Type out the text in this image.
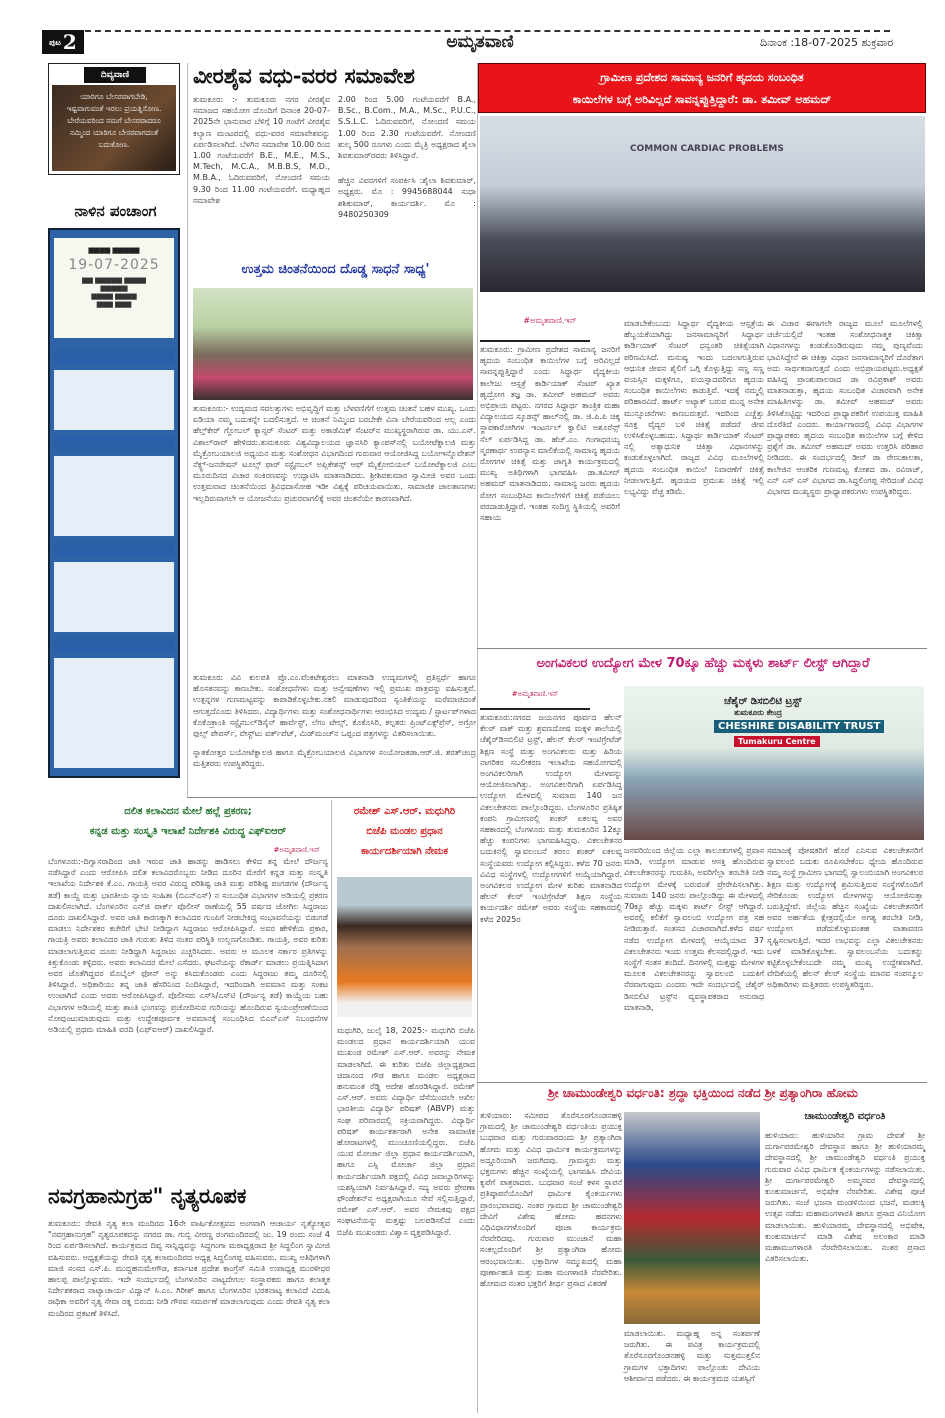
ಪುಟ 2	ಅಮೃತವಾಣಿ	ದಿನಾಂಕ :18-07-2025 ಶುಕ್ರವಾರ
ದಿವ್ಯವಾಣಿ
ಯಾರಿಗೂ ಬೇಸರವಾಗಬೇಡಿ,
ಇಷ್ಟವಾಗುವಂತೆ ಇರಲು ಪ್ರಯತ್ನಿಸೋಣ.
ಬೇರೆಯವರಿಂದ ನಮಗೆ ಬೇಸರವಾದರೂ
ನಮ್ಮಿಂದ ಯಾರಿಗೂ ಬೇಸರವಾಗದಂತೆ
ಬದುಕೋಣ.
ನಾಳಿನ ಪಂಚಾಂಗ
▆▆▆▆ ▆▆▆▆▆
19-07-2025
▆▆ ▆▆▆▆▆ ▆▆▆▆
▆▆▆▆▆
▆▆▆▆ ▆▆▆▆
▆▆▆ ▆▆▆
ವೀರಶೈವ ವಧು-ವರರ ಸಮಾವೇಶ
ತುಮಕೂರು :- ತುಮಕೂರು ನಗರ ವೀರಶೈವ ಸಮಾಜದ ಸಹಯೋಗ ದೊಂದಿಗೆ ದಿನಾಂಕ 20-07-2025ನೇ ಭಾನುವಾರ ಬೆಳಿಗ್ಗೆ 10 ಗಂಟೆಗೆ ವೀರಶೈವ ಕಲ್ಯಾಣ ಮಂಟಪದಲ್ಲಿ ವಧು-ವರರ ಸಮಾವೇಶವನ್ನು ಏರ್ಪಡಿಸಲಾಗಿದೆ. ಬೆಳಗಿನ ಸಮಾವೇಶ 10.00 ರಿಂದ 1.00 ಗಂಟೆಯವರೆಗೆ B.E., M.E., M.S., M.Tech, M.C.A., M.B.B.S, M.D., M.B.A., ಓದಿರುವವರಿಗೆ, ನೋಂದಣಿ ಸಮಯ 9.30 ರಿಂದ 11.00 ಗಂಟೆಯವರೆಗೆ. ಮಧ್ಯಾಹ್ನದ ಸಮಾವೇಶ
2.00 ರಿಂದ 5.00 ಗಂಟೆಯವರೆಗೆ B.A., B.Sc., B.Com., M.A., M.Sc., P.U.C., S.S.L.C. ಓದಿರುವವರಿಗೆ, ನೋಂದಣಿ ಸಮಯ 1.00 ರಿಂದ 2.30 ಗಂಟೆಯವರೆಗೆ. ನೋಂದಣಿ ಶುಲ್ಕ 500 ರೂಗಳು ಎಂದು ಮೈತ್ರಿ ಅಧ್ಯಕ್ಷರಾದ ಶೈಲಾ ಶಿವಕುಮಾರ್‌ರವರು ತಿಳಿಸಿದ್ದಾರೆ.
ಹೆಚ್ಚಿನ ವಿವರಗಳಿಗೆ ಸಂಪರ್ಕಿಸಿ :ಶೈಲಾ ಶಿವಕುಮಾರ್, ಅಧ್ಯಕ್ಷರು. ಮೊ : 9945688044 ಸುಧಾ ಶಶಿಕುಮಾರ್, ಕಾರ್ಯದರ್ಶಿ. ಮೊ : 9480250309
ಉತ್ತಮ ಚಿಂತನೆಯಿಂದ ದೊಡ್ಡ ಸಾಧನೆ ಸಾಧ್ಯ'
ತುಮಕೂರು:- ಉದ್ಯಮದ ಸವಲತ್ತುಗಳು ಅಭಿವೃದ್ಧಿಗೆ ಮತ್ತು ಬೆಳವಣಿಗೆಗೆ ಉತ್ತಮ ಚಿಂತನೆ ಬಹಳ ಮುಖ್ಯ. ಒಂದು ಐಡಿಯಾ ನಮ್ಮ ಬದುಕನ್ನೇ ಬದಲಿಸುತ್ತದೆ. ಆ ಚಿಂತನೆ ನಿಮ್ಮಿಂದ ಬರಬೇಕೇ ವಿನಾ ಬೇರೆಯವರಿಂದ ಅಲ್ಲ ಎಂದು ಹೆಲ್ತ್‌ಕೇರ್ ಗ್ಲೋಬಲ್ ಕ್ಯಾನ್ಸರ್ ಸೆಂಟರ್ ಮತ್ತು ಅಕಾಡೆಮಿಕ್ ಸೆಂಟರ್‌ನ ಮುಖ್ಯಸ್ಥರಾಗಿರುವ ಡಾ. ಯು.ಎಸ್. ವಿಶಾಲ್‌ರಾವ್ ಹೇಳಿದರು.ತುಮಕೂರು ವಿಶ್ವವಿದ್ಯಾಲಯದ ಜ್ಞಾನಸಿರಿ ಕ್ಯಾಂಪಸ್‌ನಲ್ಲಿ ಬಯೋಟೆಕ್ನಾಲಜಿ ಮತ್ತು ಮೈಕ್ರೋಬಯಾಲಜಿ ಅಧ್ಯಯನ ಮತ್ತು ಸಂಶೋಧನ ವಿಭಾಗದಿಂದ ಗುರುವಾರ ಆಯೋಜಿಸಿದ್ದ ಬಯೋಇನ್ನೊವೇಶನ್ ನೆಕ್ಸ್ಟ್-ಜನರೇಷನ್ ಟೂಲ್ಸ್ ಫಾರ್ ಸಸ್ಟೈನಬಲ್ ಅಪ್ಲಿಕೇಶನ್ಸ್ ಆಫ್ ಮೈಕ್ರೋಬಿಯಲ್ ಬಯೋಟೆಕ್ನಾಲಜಿ ಎಂಬ ಮೂರುದಿನದ ವಿಚಾರ ಸಂಕಿರಣವನ್ನು ಉದ್ಘಾಟಿಸಿ ಮಾತನಾಡಿದರು. ಶ್ರೀಶಿವಕುಮಾರ ಸ್ವಾಮೀಜಿ ಅವರ ಒಂದು ಉತ್ತಮವಾದ ಚಿಂತನೆಯಿಂದ ತ್ರಿವಿಧದಾಸೋಹ ಇಡೀ ವಿಶ್ವಕ್ಕೆ ಪರಿಚಯವಾಯಿತು. ಸಾಮಾಜಿಕ ಜಾಲತಾಣಗಳು ಇಲ್ಲದಿರುವಾಗಲೇ ಆ ಯೋಜನೆಯು ಪ್ರಚುರವಾಗಲಿಕ್ಕೆ ಅವರ ಚಿಂತನೆಯೇ ಕಾರಣವಾಗಿದೆ.
ತುಮಕೂರು ವಿವಿ ಕುಲಪತಿ ಪ್ರೊ.ಎಂ.ವೆಂಕಟೇಶ್ವರಲು ಮಾತನಾಡಿ ಉದ್ಯಮಗಳಲ್ಲಿ ಪ್ರತಿಸ್ಪರ್ಧೆ ಹಾಗೂ ಹೊಸತನವನ್ನು ಕಾಣಬೇಕು. ಸಂಶೋಧನೆಗಳು ಮತ್ತು ಅನ್ವೇಷಣೆಗಳು ಇಲ್ಲಿ ಪ್ರಮುಖ ಪಾತ್ರವನ್ನು ವಹಿಸುತ್ತವೆ. ಉತ್ಪನ್ನಗಳ ಗುಣಮಟ್ಟವನ್ನು ಕಾಪಾಡಿಕೊಳ್ಳಬೇಕು.ನಕಲಿ ಮಾಡುವುದರಿಂದ ಸ್ವಂತಿಕೆಯನ್ನು ಮರೆಮಾಚಿದಂತೆ ಆಗುತ್ತದೆಎಂದು ತಿಳಿಸಿದರು. ವಿದ್ಯಾರ್ಥಿಗಳು ಮತ್ತು ಸಂಶೋಧನಾರ್ಥಿಗಳು ಆರಂಭಿಸಿದ ಉದ್ಯಮ / ಸ್ಟಾರ್ಟಪ್‌ಗಳಾದ ಕೊಕೊಕ್ರಾಂತಿ ಸಸ್ಟೈನಬಲ್‌ಡಿಸೈನ್ ಹಾರ್ವೆಸ್ಟ್, ಲೆಗಂ ಟೇಲ್ಸ್, ಕೊಕೊಸಿರಿ, ಕಲ್ಪತರು ಪ್ರಿಂಟ್‌ಎಕ್ಸ್‌ಪ್ರೆಸ್, ಅಗ್ರೋ ಫುಲ್ಸ್ ಪೇಪರ್ಸ್, ವೇಸ್ಟ್‌ಟು ವರ್ತ್‌ಪೆಟ್, ಮಿಡ್‌ಮಂಚ್‌ನ ಒಪ್ಪಂದ ಪತ್ರಗಳನ್ನು ವಿತರಿಸಲಾಯಿತು.
ಸ್ನಾತಕೋತ್ತರ ಬಯೋಟೆಕ್ನಾಲಜಿ ಹಾಗೂ ಮೈಕ್ರೋಬಯಾಲಜಿ ವಿಭಾಗಗಳ ಸಂಯೋಜಕಡಾ.ಆರ್.ಜಿ. ಶರತ್‌ಚಂದ್ರ ಮತ್ತಿತರರು ಉಪಸ್ಥಿತರಿದ್ದರು.
ಗ್ರಾಮೀಣ ಪ್ರದೇಶದ ಸಾಮಾನ್ಯ ಜನರಿಗೆ ಹೃದಯ ಸಂಬಂಧಿತ
ಕಾಯಿಲೆಗಳ ಬಗ್ಗೆ ಅರಿವಿಲ್ಲದೆ ಸಾವನ್ನಪ್ಪುತ್ತಿದ್ದಾರೆ: ಡಾ. ತಮೀವ್ ಅಹಮದ್
COMMON CARDIAC PROBLEMS
#ಅಮೃತವಾಣಿ.ಇನ್
ತುಮಕೂರು: ಗ್ರಾಮೀಣ ಪ್ರದೇಶದ ಸಾಮಾನ್ಯ ಜನರಿಗೆ ಹೃದಯ ಸಂಬಂಧಿತ ಕಾಯಿಲೆಗಳ ಬಗ್ಗೆ ಅರಿವಿಲ್ಲದೆ ಸಾವನ್ನಪ್ಪುತ್ತಿದ್ದಾರೆ ಎಂದು ಸಿದ್ಧಾರ್ಥ ವೈದ್ಯಕೀಯ ಕಾಲೇಜು ಆಸ್ಪತ್ರೆ ಕಾರ್ಡಿಯಾಕ್ ಸೆಂಟರ್ ಖ್ಯಾತ ಹೃದ್ರೋಗ ತಜ್ಞ ಡಾ. ತಮೀವ್ ಅಹಮದ್ ಅವರು ಅಭಿಪ್ರಾಯ ಪಟ್ಟರು. ನಗರದ ಸಿದ್ಧಾರ್ಥ ತಾಂತ್ರಿಕ ಮಹಾ ವಿದ್ಯಾಲಯದ ಸ್ಕೂಡನ್ಸ್ ಹಾಲ್‌ನಲ್ಲಿ ಡಾ. ಜಿ.ಪಿ.ಪಿ ಚಿಕ್ಕ ಸ್ಥಾಪಕಾರೋಗಿಗಳ ಇಂಟರ್ನಲ್ ಕ್ವಾಲಿಟಿ ಅಶೂರೆನ್ಸ್ ಸೆಲ್ ಏರ್ಪಡಿಸಿದ್ದ ಡಾ. ಹೆಚ್.ಎಂ. ಗಂಗಾಧರಯ್ಯ ಸ್ಮರಣಾರ್ಥ ಉಪನ್ಯಾಸ ಮಾಲಿಕೆಯಲ್ಲಿ ಸಾಮಾನ್ಯ ಹೃದಯ ರೋಗಗಳ ಚಿಕಿತ್ಸೆ ಮತ್ತು ಜಾಗೃತಿ ಕಾರ್ಯಕ್ರಮದಲ್ಲಿ ಮುಖ್ಯ ಅತಿಥಿಗಳಾಗಿ ಭಾಗವಹಿಸಿ ಡಾ.ತಮೀವ್ ಅಹಮದ್ ಮಾತನಾಡಿದರು. ಸಾಮಾನ್ಯ ಜನರು ಹೃದಯ ರೋಗ ಸಂಬಂಧಿಸಿದ ಕಾಯಿಲೆಗಳಿಗೆ ಚಿಕಿತ್ಸೆ ಪಡೆಯಲು ಪರದಾಡುತ್ತಿದ್ದಾರೆ. ಇಂತಹ ಸಂದಿಗ್ಧ ಸ್ಥಿತಿಯಲ್ಲಿ ಅವರಿಗೆ ಸಹಾಯ
ಮಾಡಬೇಕೆಂಬುದು ಸಿದ್ಧಾರ್ಥ ವೈದ್ಯಕೀಯ ಆಸ್ಪತ್ರೆಯ ಹೆಬ್ಬಯಕೆಯಾಗಿದ್ದು ಜನಸಾಮಾನ್ಯರಿಗೆ ಸಿದ್ಧಾರ್ಥ ಕಾರ್ಡಿಯಾಕ್ ಸೆಂಟರ್ ಧನ್ವಂತರಿ ಚಿಕಿತ್ಸೆಯಾಗಿ ಪರಿಣಮಿಸಿದೆ. ಮನುಷ್ಯ ಇಂದು ಬದಲಾಗುತ್ತಿರುವ ಆಧುನಿಕ ಜೀವನ ಶೈಲಿಗೆ ಒಗ್ಗಿ ಕೊಳ್ಳುತ್ತಿದ್ದು ಸಣ್ಣ ಸಣ್ಣ ವಯಸ್ಸಿನ ಮಕ್ಕಳಿಗೂ, ವಯಸ್ಸಾದವರಿಗೂ ಹೃದಯ ಸಂಬಂಧಿತ ಕಾಯಿಲೆಗಳು ಕಾಡುತ್ತಿವೆ. ಇದಕ್ಕೆ ನಮ್ಮಲ್ಲಿ ಪರಿಹಾರವಿದೆ. ಹಾರ್ಟ್ ಅಟ್ಯಾಕ್ ಬರುವ ಮುನ್ನ ಅನೇಕ ಮುನ್ಸೂಚನೆಗಳು ಕಾಣಬರುತ್ತವೆ. ಇದರಿಂದ ಎಚ್ಚೆತ್ತು ಸೂಕ್ತ ವೈದ್ಯರ ಬಳಿ ಚಿಕಿತ್ಸೆ ಪಡೆದರೆ ಜೀವ ಉಳಿಸಿಕೊಳ್ಳಬಹುದು. ಸಿದ್ಧಾರ್ಥ ಕಾರ್ಡಿಯಾಕ್ ಸೆಂಟರ್ ನಲ್ಲಿ ಅತ್ಯಾಧುನಿಕ ಚಿಕಿತ್ಸಾ ವಿಧಾನಗಳನ್ನು ಕಂಡುಕೊಳ್ಳಲಾಗಿದೆ. ರಾಜ್ಯದ ವಿವಿಧ ಮೂಲೆಗಳಲ್ಲಿ ಹೃದಯ ಸಂಬಂಧಿತ ಕಾಯಿಲೆ ನಿವಾರಣೆಗೆ ಚಿಕಿತ್ಸೆ ನೀಡಲಾಗುತ್ತಿದೆ. ಹೃದಯದ ಪ್ರಮುಖ ಚಿಕಿತ್ಸೆ ಇಲ್ಲಿ ಲಭ್ಯವಿದ್ದು ವೆಚ್ಚ ಕಡಿಮೆ.
ಈ ವಿಚಾರ ಈಗಾಗಲೇ ರಾಜ್ಯದ ಮೂಲೆ ಮೂಲೆಗಳಲ್ಲಿ ಚರ್ಚೆಯಲ್ಲಿದೆ ಇಂತಹ ಸಂಶೋಧನಾತ್ಮಕ ಚಿಕಿತ್ಸಾ ವಿಧಾನಗಳನ್ನು ಕಂಡುಕೊಂಡಿರುವುದು ನಮ್ಮ ಪುಣ್ಯವೆಂದು ಭಾವಿಸಿದ್ದೇನೆ ಈ ಚಿಕಿತ್ಸಾ ವಿಧಾನ ಜನಸಾಮಾನ್ಯರಿಗೆ ದೊರೆತಾಗ ಅದು ಸಾರ್ಥಕವಾಗುತ್ತದೆ ಎಂದು ಅಭಿಪ್ರಾಯಪಟ್ಟರು.ಅಧ್ಯಕ್ಷತೆ ವಹಿಸಿದ್ದ ಪ್ರಾಂಶುಪಾಲರಾದ ಡಾ ರವಿಪ್ರಕಾಶ್ ಅವರು ಮಾತನಾಡುತ್ತಾ, ಹೃದಯ ಸಂಬಂಧಿತ ವಿಚಾರವಾಗಿ ಅನೇಕ ಮಾಹಿತಿಗಳನ್ನು ಡಾ. ತಮೀವ್ ಅಹಮದ್ ಅವರು ತಿಳಿಸಿಕೊಟ್ಟಿದ್ದು ಇದರಿಂದ ಪ್ರಾಧ್ಯಾಪಕರಿಗೆ ಉಪಯುಕ್ತ ಮಾಹಿತಿ ದೊರೆತಿದೆ ಎಂದರು. ಕಾರ್ಯಾಗಾರದಲ್ಲಿ ವಿವಿಧ ವಿಭಾಗಗಳ ಪ್ರಾಧ್ಯಾಪಕರು ಹೃದಯ ಸಂಬಂಧಿತ ಕಾಯಿಲೆಗಳ ಬಗ್ಗೆ ಕೇಳಿದ ಪ್ರಶ್ನೆಗೆ ಡಾ. ತಮೀವ್ ಅಹಮದ್ ಅವರು ಉತ್ತರಿಸಿ ಪರಿಹಾರ ನೀಡಿದರು. ಈ ಸಂದರ್ಭದಲ್ಲಿ ಡೀನ್ ಡಾ ರೇಣುಕಾಲತಾ, ಕಾಲೇಜಿನ ಆಂತರಿಕ ಗುಣಮಟ್ಟ ಕೋಶದ ಡಾ. ರವಿರಾಜ್, ಎನ್ ಎಸ್ ಎಸ್ ವಿಭಾಗದ ಡಾ.ಸಿದ್ದಲಿಂಗಪ್ಪ ಸೇರಿದಂತೆ ವಿವಿಧ ವಿಭಾಗದ ಮುಖ್ಯಸ್ಥರು ಪ್ರಾಧ್ಯಾಪಕರುಗಳು ಉಪಸ್ಥಿತರಿದ್ದರು.
ಅಂಗವಿಕಲರ ಉದ್ಯೋಗ ಮೇಳ 70ಕ್ಕೂ ಹೆಚ್ಚು ಮಕ್ಕಳು ಶಾರ್ಟ್ ಲೀಸ್ಟ್ ಆಗಿದ್ದಾರೆ
#ಅಮೃತವಾಣಿ.ಇನ್
ತುಮಕೂರು:ನಗರದ ಜಯನಗರ ಪೂರ್ವದ ಹೆಲನ್ ಕೆಲರ್ ವಾಕ್ ಮತ್ತು ಶ್ರವಣದೋಷ ಮಕ್ಕಳ ಶಾಲೆಯಲ್ಲಿ ಚೆಶೈರ್‌ಡಿಸಬಿಲಿಟಿ ಟ್ರಸ್ಟ್, ಹೆಲನ್ ಕೆಲರ್ ಇಂಟಿಗ್ರೇಟೆಡ್ ಶಿಕ್ಷಣ ಸಂಸ್ಥೆ ಮತ್ತು ಅಂಗವಿಕಲರು ಮತ್ತು ಹಿರಿಯ ನಾಗರಿಕರ ಸಬಲೀಕರಣ ಇಲಾಖೆಯ ಸಹಯೋಗದಲ್ಲಿ ಅಂಗವಿಕಲರಿಗಾಗಿ ಉದ್ಯೋಗ ಮೇಳವನ್ನು ಆಯೋಜಿಸಲಾಗಿತ್ತು. ಅಂಗವಿಕಲರಿಗಾಗಿ ಏರ್ಪಡಿಸಿದ್ದ ಉದ್ಯೋಗ ಮೇಳದಲ್ಲಿ ಸುಮಾರು 140 ಜನ ವಿಕಲಚೇತನರು ಪಾಲ್ಗೊಂಡಿದ್ದರು. ಬೆಂಗಳೂರಿನ ಪ್ರತಿಷ್ಠಿತ ಕಂಪನಿ ಗ್ರಾಮೀಣರಲ್ಲಿ ಶಂಕರ್ ಏಕಲವ್ಯ ಅವರ ಸಹಕಾರದಲ್ಲಿ ಬೆಂಗಳೂರು ಮತ್ತು ತುಮಕೂರಿನ 12ಕ್ಕೂ ಹೆಚ್ಚು ಕಂಪನಿಗಳು ಭಾಗವಹಿಸಿದ್ದವು. ವಿಕಲಚೇತನರ ಬದುಕಿನಲ್ಲಿ ಸ್ವಾವಲಂಬನೆ ತರಲು ಶಂಕರ್ ಏಕಲವ್ಯ ಸಂಸ್ಥೆಯವರು ಉದ್ಯೋಗ ಕಲ್ಪಿಸಿದ್ದರು. ಕಳೆದ 70 ಜನರು ವಿವಿಧ ಸಂಸ್ಥೆಗಳಲ್ಲಿ ಉದ್ಯೋಗಗಳಿಗೆ ಆಯ್ಕೆಯಾಗಿದ್ದಾರೆ. ಅಂಗವಿಕಲರ ಉದ್ಯೋಗ ಮೇಳ ಕುರಿತು ಮಾತನಾಡಿದ ಹೆಲನ್ ಕೆಲರ್ ಇಂಟಿಗ್ರೇಟೆಡ್ ಶಿಕ್ಷಣ ಸಂಸ್ಥೆಯ ಕಾರ್ಯದರ್ಶಿ ರಮೇಶ್ ಅವರು ಸಂಸ್ಥೆಯ ಸಹಕಾರದಲ್ಲಿ ಕಳೆದ 2025ರ
ಚೆಶೈರ್ ಡಿಸಬಿಲಿಟಿ ಟ್ರಸ್ಟ್
ತುಮಕೂರು ಕೇಂದ್ರ
CHESHIRE DISABILITY TRUST
Tumakuru Centre
ಜನವರಿಯಿಂದ ಜಿಲ್ಲೆಯ ಎಲ್ಲಾ ತಾಲೂಕುಗಳಲ್ಲಿ ಪ್ರವಾಸ ಮಾಡಿ, ಉದ್ಯೋಗ ಮಾಡುವ ಆಸಕ್ತಿ ಹೊಂದಿರುವ ವಿಕಲಚೇತನರನ್ನು ಗುರುತಿಸಿ, ಅವರಿಗೆಲ್ಲಾ ತರಬೇತಿ ನೀಡಿ ಉದ್ಯೋಗ ಮೇಳಕ್ಕೆ ಬರುವಂತೆ ಪ್ರೇರೇಪಿಸಲಾಗಿತ್ತು. ಸುಮಾರು 140 ಜನರು ಪಾಲ್ಗೊಂಡಿದ್ದು ಈ ಮೇಳದಲ್ಲಿ 70ಕ್ಕೂ ಹೆಚ್ಚು ಮಕ್ಕಳು ಶಾರ್ಟ್ ಲೀಸ್ಟ್ ಆಗಿದ್ದಾರೆ. ಅವರಲ್ಲಿ ಕಲಿಕೆಗೆ ಸ್ವಾವಲಂಬಿ ಉದ್ಯೋಗ ಪತ್ರ ಸಹ ನೀಡಿರುತ್ತಾರೆ. ಸಂತಸದ ವಿಚಾರವಾಗಿದೆ.ಕಳೆದ ವರ್ಷ ನಡೆದ ಉದ್ಯೋಗ ಮೇಳದಲ್ಲಿ ಆಯ್ಕೆಯಾದ 37 ವಿಕಲಚೇತನರು ಇಂದು ಉತ್ತಮ ಕೆಲಸದಲ್ಲಿದ್ದಾರೆ. ಇದು ಸಂಸ್ಥೆಗೆ ಸಂತಸ ತಂದಿದೆ. ದಿನಗಳಲ್ಲಿ ಮತ್ತಷ್ಟು ಮೇಳಗಳ ಮೂಲಕ ವಿಕಲಚೇತನರನ್ನು ಸ್ವಾವಲಂಬಿ ಬದುಕಿಗೆ ನೆರವಾಗುವುದು ಎಂದರು ಇದೇ ಸಂದರ್ಭದಲ್ಲಿ ಚೆಶೈರ್ ಡಿಸಬಿಲಿಟಿ ಟ್ರಸ್ಟ್‌ನ ವ್ಯವಸ್ಥಾಪಕರಾದ ಅನುರಾಧ ಮಾತನಾಡಿ,
ಸಮಾಜಕ್ಕೆ ಪೋಷಕರಿಗೆ ಹೊರೆ ಎನಿಸುವ ವಿಕಲಚೇತನರಿಗೆ ಸ್ವಾವಲಂಬಿ ಬದುಕು ರೂಪಿಸಬೇಕೆಂಬ ಧ್ಯೇಯ ಹೊಂದಿರುವ ನಮ್ಮ ಸಂಸ್ಥೆ ಗ್ರಾಮೀಣ ಭಾಗದಲ್ಲಿ ಸ್ವಾಲಂಬಿಯಾಗಿ ಅಂಗವಿಕಲರ ಶಿಕ್ಷಣ ಮತ್ತು ಉದ್ಯೋಗಕ್ಕೆ ಶ್ರಮಿಸುತ್ತಿರುವ ಸಂಸ್ಥೆಗಳೊಂದಿಗೆ ಸೇರಿಕೊಂಡು ಉದ್ಯೋಗ ಮೇಳಗಳನ್ನು ಆಯೋಜಿಸುತ್ತಾ ಬರುತ್ತಿದ್ದೇವೆ. ಜಿಲ್ಲೆಯ ಹೆಚ್ಚಿನ ಸಂಖ್ಯೆಯ ವಿಕಲಚೇತನರಿಗೆ ಅವರ ಅರ್ಹತೆಯ ಕ್ಷೇತ್ರದಲ್ಲಿಯೇ ಅಗತ್ಯ ತರಬೇತಿ ನೀಡಿ, ಉದ್ಯೋಗ ಪಡೆದುಕೊಳ್ಳುವಂತಹ ವಾತಾವರಣ ಸೃಷ್ಟಿಸಲಾಗುತ್ತಿದೆ. ಇದರ ಲಾಭವನ್ನು ಎಲ್ಲಾ ವಿಕಲಚೇತನರು ಬಳಕೆ ಮಾಡಿಕೊಳ್ಳಬೇಕು. ಸ್ವಾವಲಂಬನೆಯ ಬದುಕನ್ನು ಕಟ್ಟಿಕೊಳ್ಳಬೇಕೆಂಬುದೇ ನಮ್ಮ ಮುಖ್ಯ ಉದ್ದೇಶವಾಗಿದೆ. ವೇದಿಕೆಯಲ್ಲಿ ಹೆಲನ್ ಕೆಲರ್ ಸಂಸ್ಥೆಯ ಮಾನವ ಸಂಪನ್ಮೂಲ ಅಧಿಕಾರಿಗಳು ಮತ್ತಿತರರು ಉಪಸ್ಥಿತರಿದ್ದರು.
ದಲಿತ ಕಲಾವಿದನ ಮೇಲೆ ಹಲ್ಲೆ ಪ್ರಕರಣ;
ಕನ್ನಡ ಮತ್ತು ಸಂಸ್ಕೃತಿ ಇಲಾಖೆ ನಿರ್ದೇಶಕಿ ವಿರುದ್ಧ ಎಫ್‌ಐಆರ್
#ಅಮೃತವಾಣಿ.ಇನ್
ಬೆಂಗಳೂರು:-ದಿಗ್ವಾಸರಾದಿಂದ ಜಾತಿ ಇರುವ ಜಾತಿ ಹಾಡನ್ನು ಹಾಡಿಸಲು ಕೇಳಿದ ತನ್ನ ಮೇಲೆ ದೌರ್ಜನ್ಯ ನಡೆಸಿದ್ದಾರೆ ಎಂದು ಆರೋಪಿಸಿ ದಲಿತ ಕಲಾವಿದರೊಬ್ಬರು ನೀಡಿದ ದೂರಿನ ಮೇರೆಗೆ ಕನ್ನಡ ಮತ್ತು ಸಂಸ್ಕೃತಿ ಇಲಾಖೆಯ ನಿರ್ದೇಶಕಿ ಕೆ.ಎಂ. ಗಾಯತ್ರಿ ಅವರ ವಿರುದ್ಧ ಪರಿಶಿಷ್ಟ ಜಾತಿ ಮತ್ತು ಪರಿಶಿಷ್ಟ ಪಂಗಡಗಳ (ದೌರ್ಜನ್ಯ ತಡೆ) ಕಾಯ್ದೆ ಮತ್ತು ಭಾರತೀಯ ನ್ಯಾಯ ಸಂಹಿತಾ (ಬಿಎನ್‌ಎಸ್) ನ ಸಂಬಂಧಿತ ವಿಭಾಗಗಳ ಅಡಿಯಲ್ಲಿ ಪ್ರಕರಣ ದಾಖಲಿಸಲಾಗಿದೆ. ಬೆಂಗಳೂರಿನ ಎನ್‌ಜಿ ಪಾರ್ಕ್ ಪೊಲೀಸ್ ಠಾಣೆಯಲ್ಲಿ 55 ವರ್ಷದ ಜೋಗಿಲ ಸಿದ್ದರಾಜು ದೂರು ದಾಖಲಿಸಿದ್ದಾರೆ. ಅವರ ಜಾತಿ ಕಾರಣಕ್ಕಾಗಿ ಕಲಾವಿದರ ಗುಂಪಿಗೆ ನೀಡಬೇಕಿದ್ದ ಸಂಭಾವನೆಯನ್ನು ಬಿಡುಗಡೆ ಮಾಡಲು ನಿರ್ದೇಶಕರ ಕಚೇರಿಗೆ ಭೇಟಿ ನೀಡಿದ್ದಾಗ ಸಿದ್ದರಾಜು ಆರೋಪಿಸಿದ್ದಾರೆ. ಅವರ ಹೇಳಿಕೆಯ ಪ್ರಕಾರ, ಗಾಯತ್ರಿ ಅವರು ಕಲಾವಿದರ ಜಾತಿ ಗುರುತು ತಿಳಿದ ನಂತರ ಪರಿಸ್ಥಿತಿ ಉಲ್ಬಣಗೊಂಡಿತು. ಗಾಯತ್ರಿ, ಅವರ ಕುರಿತು ಮಾಡಲಾಗುತ್ತಿರುವ ದೂರು ನೀಡಿದ್ದಾಗಿ ಸಿದ್ದರಾಜು ಎಚ್ಚರಿಸಿದರು. ಅವರು ಆ ಮೂಲಕ ಸರ್ಕಾರ ಪ್ರತಿಗಳನ್ನು ಕಿತ್ತುಕೊಂಡು ತಳ್ಳಿದರು. ಅವರು ಕಲಾವಿದರ ಮೇಲೆ ಎಸೆದರು. ಘಟನೆಯನ್ನು ರೆಕಾರ್ಡ್ ಮಾಡಲು ಪ್ರಯತ್ನಿಸಿದಾಗ ಅವರ ಜೊತೆಗಿದ್ದವರ ಮೊಬೈಲ್ ಫೋನ್ ಅನ್ನು ಕಸಿದುಕೊಂಡರು ಎಂದು ಸಿದ್ದರಾಜು ತಮ್ಮ ದೂರಿನಲ್ಲಿ ತಿಳಿಸಿದ್ದಾರೆ. ಅಧಿಕಾರಿಯು ತನ್ನ ಜಾತಿ ಹೆಸರಿನಿಂದ ನಿಂದಿಸಿದ್ದಾರೆ, ಇದರಿಂದಾಗಿ ಅವಮಾನ ಮತ್ತು ಸಂಕಟ ಉಂಟಾಗಿದೆ ಎಂದು ಅವರು ಆರೋಪಿಸಿದ್ದಾರೆ. ಪೊಲೀಸರು ಎಸ್‌ಸಿ/ಎಸ್‌ಟಿ (ದೌರ್ಜನ್ಯ ತಡೆ) ಕಾಯ್ದೆಯ ಬಹು ವಿಭಾಗಗಳ ಅಡಿಯಲ್ಲಿ ಮತ್ತು ಶಾಂತಿ ಭಂಗವನ್ನು ಪ್ರಚೋದಿಸುವ ಗುರಿಯನ್ನು ಹೊಂದಿರುವ ಸ್ವಯಂಪ್ರೇರಣೆಯಿಂದ ನೋವುಂಟುಮಾಡುವುದು ಮತ್ತು ಉದ್ದೇಶಪೂರ್ವಕ ಅವಮಾನಕ್ಕೆ ಸಂಬಂಧಿಸಿದ ಬಿಎನ್‌ಎಸ್ ನಿಬಂಧನೆಗಳ ಅಡಿಯಲ್ಲಿ ಪ್ರಥಮ ಮಾಹಿತಿ ವರದಿ (ಎಫ್‌ಐಆರ್) ದಾಖಲಿಸಿದ್ದಾರೆ.
ರಮೇಶ್ ಎಸ್.ಆರ್. ಮಧುಗಿರಿ
ಬಿಜೆಪಿ ಮಂಡಲ ಪ್ರಧಾನ
ಕಾರ್ಯದರ್ಶಿಯಾಗಿ ನೇಮಕ
ಮಧುಗಿರಿ, ಜುಲೈ 18, 2025:- ಮಧುಗಿರಿ ಬಿಜೆಪಿ ಮಂಡಲದ ಪ್ರಧಾನ ಕಾರ್ಯದರ್ಶಿಯಾಗಿ ಯುವ ಮುಖಂಡ ರಮೇಶ್ ಎಸ್.ಆರ್. ಅವರನ್ನು ನೇಮಕ ಮಾಡಲಾಗಿದೆ. ಈ ಕುರಿತು ಬಿಜೆಪಿ ಜಿಲ್ಲಾಧ್ಯಕ್ಷರಾದ ಚಿದಾನಂದ ಗೌಡ ಹಾಗೂ ಮಂಡಲ ಅಧ್ಯಕ್ಷರಾದ ಹನುಮಂತ ರೆಡ್ಡಿ ಆದೇಶ ಹೊರಡಿಸಿದ್ದಾರೆ. ರಮೇಶ್ ಎಸ್.ಆರ್. ಅವರು ವಿದ್ಯಾರ್ಥಿ ದೆಸೆಯಿಂದಲೇ ಅಖಿಲ ಭಾರತೀಯ ವಿದ್ಯಾರ್ಥಿ ಪರಿಷತ್ (ABVP) ಮತ್ತು ಸಂಘ ಪರಿವಾರದಲ್ಲಿ ಸಕ್ರಿಯರಾಗಿದ್ದರು. ವಿದ್ಯಾರ್ಥಿ ಪರಿಷತ್ ಕಾರ್ಯಕರ್ತರಾಗಿ ಅನೇಕ ಸಾಮಾಜಿಕ ಹೋರಾಟಗಳಲ್ಲಿ ಮುಂಚೂಣಿಯಲ್ಲಿದ್ದರು. ಬಿಜೆಪಿ ಯುವ ಮೋರ್ಚಾ ಜಿಲ್ಲಾ ಪ್ರಧಾನ ಕಾರ್ಯದರ್ಶಿಯಾಗಿ, ಹಾಗೂ ಎಸ್ಸಿ ಮೋರ್ಚಾ ಜಿಲ್ಲಾ ಪ್ರಧಾನ ಕಾರ್ಯದರ್ಶಿಯಾಗಿ ಪಕ್ಷದಲ್ಲಿ ವಿವಿಧ ಜವಾಬ್ದಾರಿಗಳನ್ನು ಯಶಸ್ವಿಯಾಗಿ ನಿರ್ವಹಿಸಿದ್ದಾರೆ. ಸದ್ಯ ಅವರು ಪ್ರೇರಣಾ ಫೌಂಡೇಶನ್‌ನ ಅಧ್ಯಕ್ಷರಾಗಿಯೂ ಸೇವೆ ಸಲ್ಲಿಸುತ್ತಿದ್ದಾರೆ. ರಮೇಶ್ ಎಸ್.ಆರ್. ಅವರ ನೇಮಕವು ಪಕ್ಷದ ಸಂಘಟನೆಯನ್ನು ಮತ್ತಷ್ಟು ಬಲಪಡಿಸಲಿದೆ ಎಂದು ಬಿಜೆಪಿ ಮುಖಂಡರು ವಿಶ್ವಾಸ ವ್ಯಕ್ತಪಡಿಸಿದ್ದಾರೆ.
ನವಗ್ರಹಾನುಗ್ರಹ" ನೃತ್ಯರೂಪಕ
ತುಮಕೂರು: ರೇವತಿ ನೃತ್ಯ ಕಲಾ ಮಂದಿರದ 16ನೇ ವಾರ್ಷಿಕೋತ್ಸವದ ಅಂಗವಾಗಿ ಆಚಾರ್ಯ ನೃತ್ಯೋತ್ಸವ "ನವಗ್ರಹಾನುಗ್ರಹ" ನೃತ್ಯರೂಪಕವನ್ನು ನಗರದ ಡಾ. ಗುಬ್ಬಿ ವೀರಣ್ಣ ರಂಗಮಂದಿರದಲ್ಲಿ ಜು. 19 ರಂದು ಸಂಜೆ 4 ರಿಂದ ಏರ್ಪಡಿಸಲಾಗಿದೆ. ಕಾರ್ಯಕ್ರಮದ ದಿವ್ಯ ಸಾನ್ನಿಧ್ಯವನ್ನು ಸಿದ್ಧಗಂಗಾ ಮಠಾಧ್ಯಕ್ಷರಾದ ಶ್ರೀ ಸಿದ್ಧಲಿಂಗ ಸ್ವಾಮೀಜಿ ವಹಿಸುವರು. ಅಧ್ಯಕ್ಷತೆಯನ್ನು ರೇವತಿ ನೃತ್ಯ ಕಲಾಮಂದಿರದ ಅಧ್ಯಕ್ಷ ಸಿದ್ಧಲಿಂಗಪ್ಪ ವಹಿಸುವರು. ಮುಖ್ಯ ಅತಿಥಿಗಳಾಗಿ ಮಾಜಿ ಸಂಸದ ಎಸ್.ಪಿ. ಮುದ್ದಹನುಮೇಗೌಡ, ಕರ್ನಾಟಕ ಪ್ರದೇಶ ಕಾಂಗ್ರೆಸ್ ಸಮಿತಿ ಉಪಾಧ್ಯಕ್ಷ ಮುರಳೀಧರ ಹಾಲಪ್ಪ ಪಾಲ್ಗೊಳ್ಳುವರು. ಇದೇ ಸಂದರ್ಭದಲ್ಲಿ ಬೆಂಗಳೂರಿನ ನಾಟ್ಯದೇಗುಲ ಸಂಸ್ಥಾಪಕರು ಹಾಗೂ ಕಲಾತ್ಮಕ ನಿರ್ದೇಶಕರಾದ ನಾಟ್ಯಾಚಾರ್ಯ ವಿದ್ವಾನ್ ಸಿ.ಎಂ. ಗಿರೀಶ್ ಹಾಗೂ ಬೆಂಗಳೂರಿನ ಭರತನಾಟ್ಯ ಕಲಾವಿದೆ ವಿದುಷಿ ರಾಧಿಕಾ ಅವರಿಗೆ ನೃತ್ಯ ಸೇವಾ ರತ್ನ ಬಿರುದು ನೀಡಿ ಗೌರವ ಸಮರ್ಪಣೆ ಮಾಡಲಾಗುವುದು ಎಂದು ರೇವತಿ ನೃತ್ಯ ಕಲಾ ಮಂದಿರದ ಪ್ರಕಟಣೆ ತಿಳಿಸಿದೆ.
ಶ್ರೀ ಚಾಮುಂಡೇಶ್ವರಿ ವರ್ಧಂತಿ: ಶ್ರದ್ಧಾ ಭಕ್ತಿಯಿಂದ ನಡೆದ ಶ್ರೀ ಪ್ರತ್ಯಾಂಗಿರಾ ಹೋಮ
ತುಳಿಯಾರು: ಸಮೀಪದ ತೊರೆಸೂರಗೊಂಡನಹಳ್ಳಿ ಗ್ರಾಮದಲ್ಲಿ ಶ್ರೀ ಚಾಮುಂಡೇಶ್ವರಿ ವರ್ಧಂತಿಯ ಪ್ರಯುಕ್ತ ಬುಧವಾರ ಮತ್ತು ಗುರುವಾರದಂದು ಶ್ರೀ ಪ್ರತ್ಯಾಂಗಿರಾ ಹೋಮ ಮತ್ತು ವಿವಿಧ ಧಾರ್ಮಿಕ ಕಾರ್ಯಕ್ರಮಗಳನ್ನು ಅದ್ದೂರಿಯಾಗಿ ಜರುಗಿದವು. ಗ್ರಾಮಸ್ಥರು ಮತ್ತು ಭಕ್ತರುಗಳು ಹೆಚ್ಚಿನ ಸಂಖ್ಯೆಯಲ್ಲಿ ಭಾಗವಹಿಸಿ ದೇವಿಯ ಕೃಪೆಗೆ ಪಾತ್ರರಾದರು. ಬುಧವಾರ ಸಂಜೆ ಕಳಸ ಸ್ಥಾಪನೆ ಪ್ರತಿಷ್ಠಾಪನೆಯೊಂದಿಗೆ ಧಾರ್ಮಿಕ ಕೈಂಕರ್ಯಗಳು ಪ್ರಾರಂಭವಾದವು. ನಂತರ ಗ್ರಾಮದ ಶ್ರೀ ಚಾಮುಂಡೇಶ್ವರಿ ದೇವಿಗೆ ವಿಶೇಷ ಹೋಮ ಹವನಗಳು ವಿಧಿವಿಧಾನಗಳೊಂದಿಗೆ ಪೂಜಾ ಕಾರ್ಯಕ್ರಮ ನೆರವೇರಿದವು. ಗುರುವಾರ ಮುಂಜಾನೆ ಮಹಾ ಸಂಕಲ್ಪದೊಂದಿಗೆ ಶ್ರೀ ಪ್ರತ್ಯಾಂಗಿರಾ ಹೋಮ ಆರಂಭವಾಯಿತು. ಭಕ್ತಾದಿಗಳ ಸಮ್ಮುಖದಲ್ಲಿ ಮಹಾ ಪೂರ್ಣಾಹುತಿ ಮತ್ತು ಮಹಾ ಮಂಗಳಾರತಿ ನೆರವೇರಿತು. ಹೋಮದ ನಂತರ ಭಕ್ತರಿಗೆ ತೀರ್ಥ ಪ್ರಸಾದ ವಿತರಣೆ
ಮಾಡಲಾಯಿತು. ಮಧ್ಯಾಹ್ನ ಅನ್ನ ಸಂತರ್ಪಣೆ ಜರುಗಿತು. ಈ ಪವಿತ್ರ ಕಾರ್ಯಕ್ರಮದಲ್ಲಿ ತೊರೆಸೂರಗೊಂಡನಹಳ್ಳಿ ಮತ್ತು ಸುತ್ತಮುತ್ತಲಿನ ಗ್ರಾಮಗಳ ಭಕ್ತಾದಿಗಳು ಪಾಲ್ಗೊಂಡು ದೇವಿಯ ಆಶೀರ್ವಾದ ಪಡೆದರು. ಈ ಕಾರ್ಯಕ್ರಮದ ಯಶಸ್ವಿಗೆ
ಚಾಮುಂಡೇಶ್ವರಿ ವರ್ಧಂತಿ
ಹುಳಿಯಾರು: ಹುಳಿಯಾರಿನ ಗ್ರಾಮ ದೇವತೆ ಶ್ರೀ ದುರ್ಗಾಪರಮೇಶ್ವರಿ ದೇವಸ್ಥಾನ ಹಾಗೂ ಶ್ರೀ ಹುಳಿಯಾರಮ್ಮ ದೇವಸ್ಥಾನದಲ್ಲಿ ಶ್ರೀ ಚಾಮುಂಡೇಶ್ವರಿ ವರ್ಧಂತಿ ಪ್ರಯುಕ್ತ ಗುರುವಾರ ವಿವಿಧ ಧಾರ್ಮಿಕ ಕೈಂಕರ್ಯಗಳನ್ನು ನಡೆಸಲಾಯಿತು. ಶ್ರೀ ದುರ್ಗಾಪರಮೇಶ್ವರಿ ಅಮ್ಮನವರ ದೇವಸ್ಥಾನದಲ್ಲಿ ಕುಂಕುಮಾರ್ಚನೆ, ಅಭಿಷೇಕ ನೆರವೇರಿತು. ವಿಶೇಷ ಪೂಜೆ ಜರುಗಿತು. ಸಂಜೆ ಭಜನಾ ಮಂಡಳಿಯಿಂದ ಭಜನೆ, ಮಡಲಕ್ಕಿ ಉತ್ಸವ ನಡೆದು ಮಹಾಮಂಗಳಾರತಿ ಹಾಗೂ ಪ್ರಸಾದ ವಿನಿಯೋಗ ಮಾಡಲಾಯಿತು. ಹುಳಿಯಾರಮ್ಮ ದೇವಸ್ಥಾನದಲ್ಲಿ ಅಭಿಷೇಕ, ಕುಂಕುಮಾರ್ಚನೆ ಮಾಡಿ ವಿಶೇಷ ಅಲಂಕಾರ ಮಾಡಿ ಮಹಾಮಂಗಳಾರತಿ ನೆರವೇರಿಸಲಾಯಿತು. ನಂತರ ಪ್ರಸಾದ ವಿತರಿಸಲಾಯಿತು.
